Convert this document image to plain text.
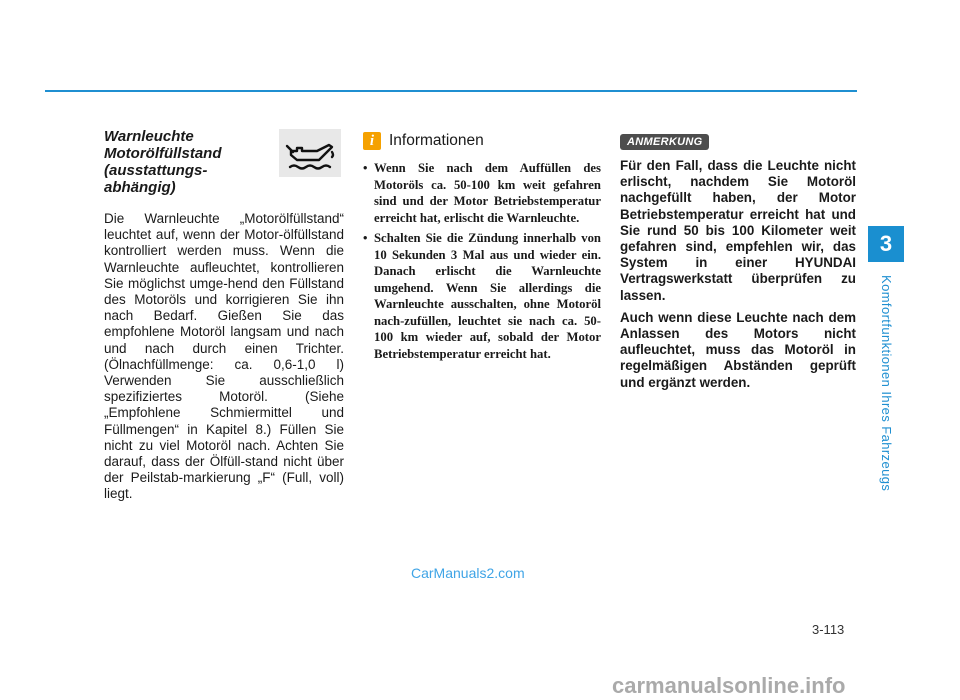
3
Komfortfunktionen Ihres Fahrzeugs
Warnleuchte
Motorölfüllstand
(ausstattungs-
abhängig)

Die Warnleuchte „Motorölfüllstand“ leuchtet auf, wenn der Motor-ölfüllstand kontrolliert werden muss. Wenn die Warnleuchte aufleuchtet, kontrollieren Sie möglichst umge-hend den Füllstand des Motoröls und korrigieren Sie ihn nach Bedarf. Gießen Sie das empfohlene Motoröl langsam und nach und nach durch einen Trichter. (Ölnachfüllmenge: ca. 0,6-1,0 l) Verwenden Sie ausschließlich spezifiziertes Motoröl. (Siehe „Empfohlene Schmiermittel und Füllmengen“ in Kapitel 8.) Füllen Sie nicht zu viel Motoröl nach. Achten Sie darauf, dass der Ölfüll-stand nicht über der Peilstab-markierung „F“ (Full, voll) liegt.

i Informationen
• Wenn Sie nach dem Auffüllen des Motoröls ca. 50-100 km weit gefahren sind und der Motor Betriebstemperatur erreicht hat, erlischt die Warnleuchte.
• Schalten Sie die Zündung innerhalb von 10 Sekunden 3 Mal aus und wieder ein. Danach erlischt die Warnleuchte umgehend. Wenn Sie allerdings die Warnleuchte ausschalten, ohne Motoröl nach-zufüllen, leuchtet sie nach ca. 50-100 km wieder auf, sobald der Motor Betriebstemperatur erreicht hat.
ANMERKUNG

Für den Fall, dass die Leuchte nicht erlischt, nachdem Sie Motoröl nachgefüllt haben, der Motor Betriebstemperatur erreicht hat und Sie rund 50 bis 100 Kilometer weit gefahren sind, empfehlen wir, das System in einer HYUNDAI Vertragswerkstatt überprüfen zu lassen.

Auch wenn diese Leuchte nach dem Anlassen des Motors nicht aufleuchtet, muss das Motoröl in regelmäßigen Abständen geprüft und ergänzt werden.

3-113
CarManuals2.com
carmanualsonline.info
